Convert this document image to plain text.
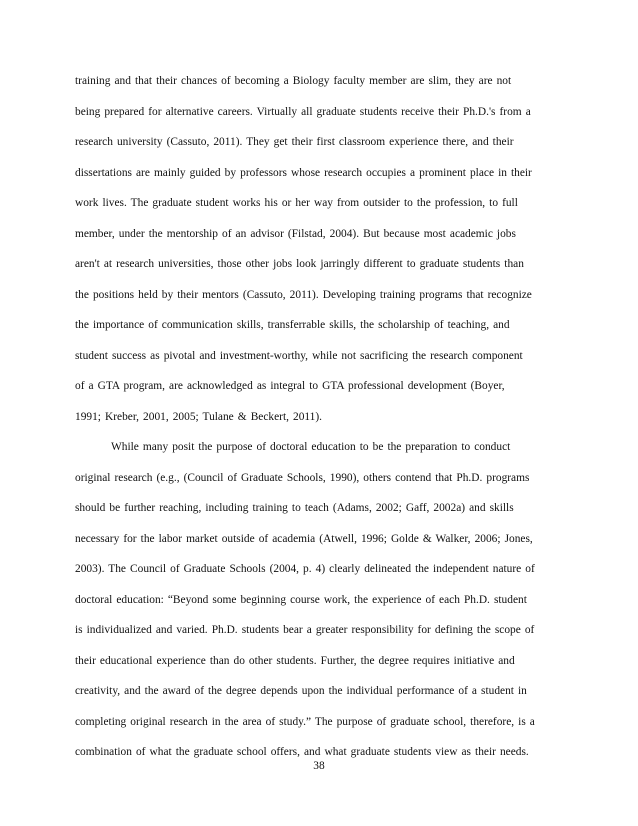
training and that their chances of becoming a Biology faculty member are slim, they are not
being prepared for alternative careers. Virtually all graduate students receive their Ph.D.'s from a
research university (Cassuto, 2011). They get their first classroom experience there, and their
dissertations are mainly guided by professors whose research occupies a prominent place in their
work lives. The graduate student works his or her way from outsider to the profession, to full
member, under the mentorship of an advisor (Filstad, 2004). But because most academic jobs
aren't at research universities, those other jobs look jarringly different to graduate students than
the positions held by their mentors (Cassuto, 2011). Developing training programs that recognize
the importance of communication skills, transferrable skills, the scholarship of teaching, and
student success as pivotal and investment-worthy, while not sacrificing the research component
of a GTA program, are acknowledged as integral to GTA professional development (Boyer,
1991; Kreber, 2001, 2005; Tulane & Beckert, 2011).
While many posit the purpose of doctoral education to be the preparation to conduct
original research (e.g., (Council of Graduate Schools, 1990), others contend that Ph.D. programs
should be further reaching, including training to teach (Adams, 2002; Gaff, 2002a) and skills
necessary for the labor market outside of academia (Atwell, 1996; Golde & Walker, 2006; Jones,
2003). The Council of Graduate Schools (2004, p. 4) clearly delineated the independent nature of
doctoral education: “Beyond some beginning course work, the experience of each Ph.D. student
is individualized and varied. Ph.D. students bear a greater responsibility for defining the scope of
their educational experience than do other students. Further, the degree requires initiative and
creativity, and the award of the degree depends upon the individual performance of a student in
completing original research in the area of study.” The purpose of graduate school, therefore, is a
combination of what the graduate school offers, and what graduate students view as their needs.
38
